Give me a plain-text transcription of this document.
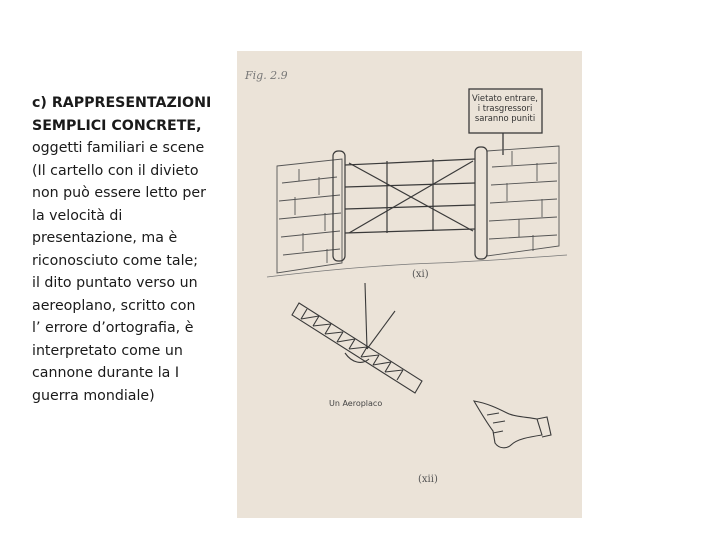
c) RAPPRESENTAZIONI
SEMPLICI CONCRETE,
oggetti familiari e scene
(Il cartello con il divieto
non può essere letto per
la velocità di
presentazione, ma è
riconosciuto come tale;
il dito puntato verso un
aereoplano, scritto con
l’ errore d’ortografia, è
interpretato come un
cannone durante la I
guerra mondiale)
Fig. 2.9
Vietato entrare,
i trasgressori
saranno puniti
(xi)
Un Aeroplaco
(xii)
